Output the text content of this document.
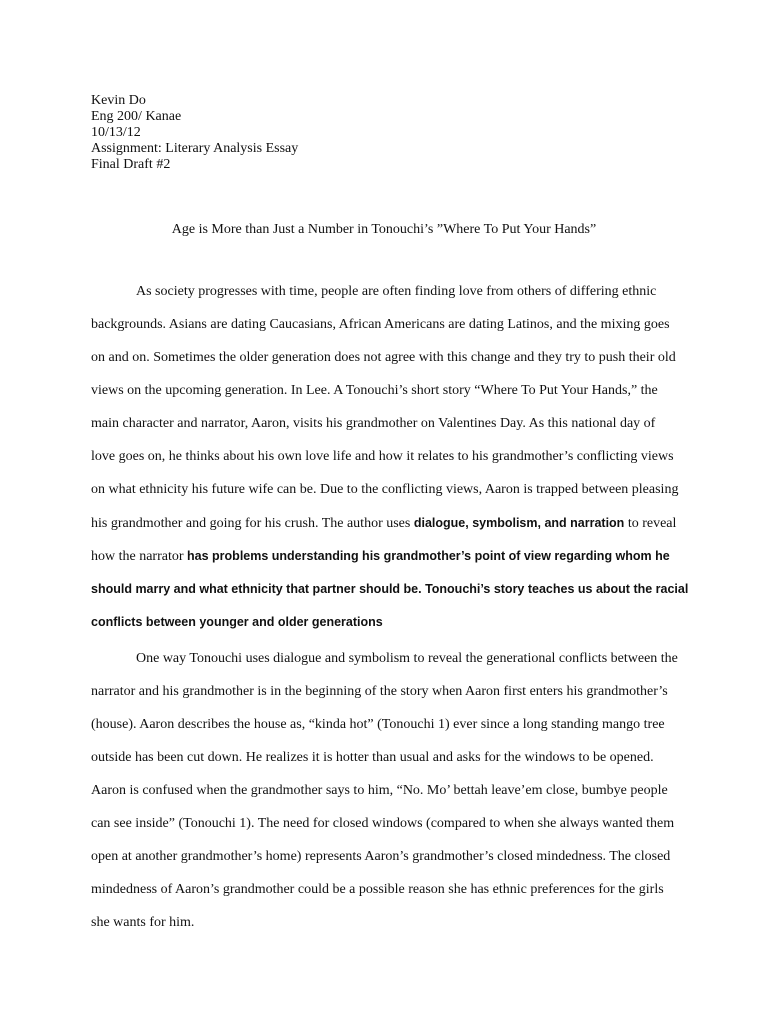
Kevin Do
Eng 200/ Kanae
10/13/12
Assignment: Literary Analysis Essay
Final Draft #2
Age is More than Just a Number in Tonouchi’s ”Where To Put Your Hands”
As society progresses with time, people are often finding love from others of differing ethnic
backgrounds. Asians are dating Caucasians, African Americans are dating Latinos, and the mixing goes
on and on. Sometimes the older generation does not agree with this change and they try to push their old
views on the upcoming generation. In Lee. A Tonouchi’s short story “Where To Put Your Hands,” the
main character and narrator, Aaron, visits his grandmother on Valentines Day. As this national day of
love goes on, he thinks about his own love life and how it relates to his grandmother’s conflicting views
on what ethnicity his future wife can be. Due to the conflicting views, Aaron is trapped between pleasing
his grandmother and going for his crush. The author uses dialogue, symbolism, and narration to reveal
how the narrator has problems understanding his grandmother’s point of view regarding whom he
should marry and what ethnicity that partner should be. Tonouchi’s story teaches us about the racial
conflicts between younger and older generations
One way Tonouchi uses dialogue and symbolism to reveal the generational conflicts between the
narrator and his grandmother is in the beginning of the story when Aaron first enters his grandmother’s
(house). Aaron describes the house as, “kinda hot” (Tonouchi 1) ever since a long standing mango tree
outside has been cut down. He realizes it is hotter than usual and asks for the windows to be opened.
Aaron is confused when the grandmother says to him, “No. Mo’ bettah leave’em close, bumbye people
can see inside” (Tonouchi 1). The need for closed windows (compared to when she always wanted them
open at another grandmother’s home) represents Aaron’s grandmother’s closed mindedness. The closed
mindedness of Aaron’s grandmother could be a possible reason she has ethnic preferences for the girls
she wants for him.
